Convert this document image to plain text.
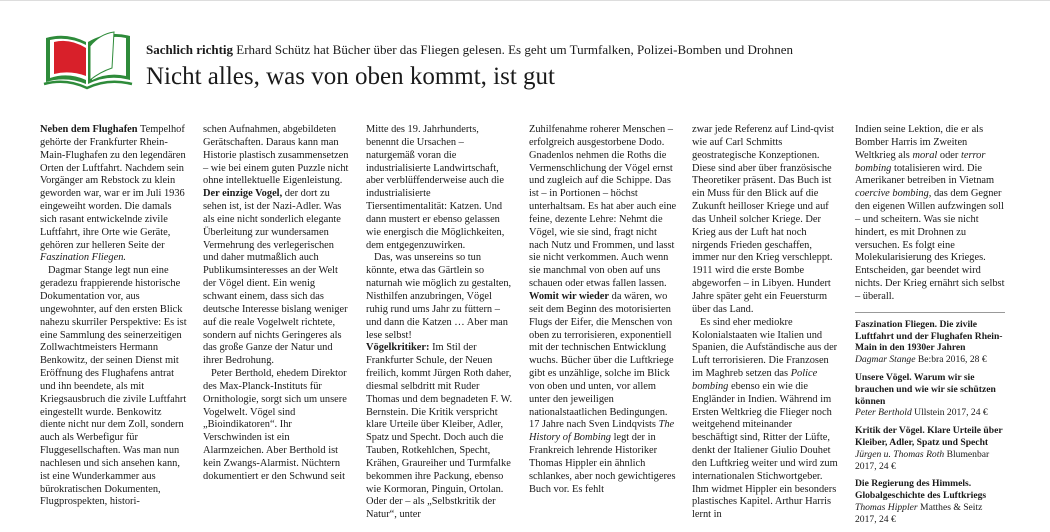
Sachlich richtig Erhard Schütz hat Bücher über das Fliegen gelesen. Es geht um Turmfalken, Polizei-Bomben und Drohnen
Nicht alles, was von oben kommt, ist gut

Neben dem Flughafen Tempelhof gehörte der Frankfurter Rhein-Main-Flughafen zu den legendären Orten der Luftfahrt. Nachdem sein Vorgänger am Rebstock zu klein geworden war, war er im Juli 1936 eingeweiht worden. Die damals sich rasant entwickelnde zivile Luftfahrt, ihre Orte wie Geräte, gehören zur helleren Seite der Faszination Fliegen.

Dagmar Stange legt nun eine geradezu frappierende historische Dokumentation vor, aus ungewohnter, auf den ersten Blick nahezu skurriler Perspektive: Es ist eine Sammlung des seinerzeitigen Zollwachtmeisters Hermann Benkowitz, der seinen Dienst mit Eröffnung des Flughafens antrat und ihn beendete, als mit Kriegsausbruch die zivile Luftfahrt eingestellt wurde. Benkowitz diente nicht nur dem Zoll, sondern auch als Werbefigur für Fluggesellschaften. Was man nun nachlesen und sich ansehen kann, ist eine Wunderkammer aus bürokratischen Dokumenten, Flugprospekten, histori-

schen Aufnahmen, abgebildeten Gerätschaften. Daraus kann man Historie plastisch zusammensetzen – wie bei einem guten Puzzle nicht ohne intellektuelle Eigenleistung.

Der einzige Vogel, der dort zu sehen ist, ist der Nazi-Adler. Was als eine nicht sonderlich elegante Überleitung zur wundersamen Vermehrung des verlegerischen und daher mutmaßlich auch Publikumsinteresses an der Welt der Vögel dient. Ein wenig schwant einem, dass sich das deutsche Interesse bislang weniger auf die reale Vogelwelt richtete, sondern auf nichts Geringeres als das große Ganze der Natur und ihrer Bedrohung.

Peter Berthold, ehedem Direktor des Max-Planck-Instituts für Ornithologie, sorgt sich um unsere Vogelwelt. Vögel sind „Bioindikatoren“. Ihr Verschwinden ist ein Alarmzeichen. Aber Berthold ist kein Zwangs-Alarmist. Nüchtern dokumentiert er den Schwund seit

Mitte des 19. Jahrhunderts, benennt die Ursachen – naturgemäß voran die industrialisierte Landwirtschaft, aber verblüffenderweise auch die industrialisierte Tiersentimentalität: Katzen. Und dann mustert er ebenso gelassen wie energisch die Möglichkeiten, dem entgegenzuwirken.

Das, was unsereins so tun könnte, etwa das Gärtlein so naturnah wie möglich zu gestalten, Nisthilfen anzubringen, Vögel ruhig rund ums Jahr zu füttern – und dann die Katzen … Aber man lese selbst!

Vögelkritiker: Im Stil der Frankfurter Schule, der Neuen freilich, kommt Jürgen Roth daher, diesmal selbdritt mit Ruder Thomas und dem begnadeten F. W. Bernstein. Die Kritik verspricht klare Urteile über Kleiber, Adler, Spatz und Specht. Doch auch die Tauben, Rotkehlchen, Specht, Krähen, Graureiher und Turmfalke bekommen ihre Packung, ebenso wie Kormoran, Pinguin, Ortolan. Oder der – als „Selbstkritik der Natur“, unter

Zuhilfenahme roherer Menschen – erfolgreich ausgestorbene Dodo. Gnadenlos nehmen die Roths die Vermenschlichung der Vögel ernst und zugleich auf die Schippe. Das ist – in Portionen – höchst unterhaltsam. Es hat aber auch eine feine, dezente Lehre: Nehmt die Vögel, wie sie sind, fragt nicht nach Nutz und Frommen, und lasst sie nicht verkommen. Auch wenn sie manchmal von oben auf uns schauen oder etwas fallen lassen.

Womit wir wieder da wären, wo seit dem Beginn des motorisierten Flugs der Eifer, die Menschen von oben zu terrorisieren, exponentiell mit der technischen Entwicklung wuchs. Bücher über die Luftkriege gibt es unzählige, solche im Blick von oben und unten, vor allem unter den jeweiligen nationalstaatlichen Bedingungen. 17 Jahre nach Sven Lindqvists The History of Bombing legt der in Frankreich lehrende Historiker Thomas Hippler ein ähnlich schlankes, aber noch gewichtigeres Buch vor. Es fehlt

zwar jede Referenz auf Lind-qvist wie auf Carl Schmitts geostrategische Konzeptionen. Diese sind aber über französische Theoretiker präsent. Das Buch ist ein Muss für den Blick auf die Zukunft heilloser Kriege und auf das Unheil solcher Kriege. Der Krieg aus der Luft hat noch nirgends Frieden geschaffen, immer nur den Krieg verschleppt. 1911 wird die erste Bombe abgeworfen – in Libyen. Hundert Jahre später geht ein Feuersturm über das Land.

Es sind eher mediokre Kolonialstaaten wie Italien und Spanien, die Aufständische aus der Luft terrorisieren. Die Franzosen im Maghreb setzen das Police bombing ebenso ein wie die Engländer in Indien. Während im Ersten Weltkrieg die Flieger noch weitgehend miteinander beschäftigt sind, Ritter der Lüfte, denkt der Italiener Giulio Douhet den Luftkrieg weiter und wird zum internationalen Stichwortgeber. Ihm widmet Hippler ein besonders plastisches Kapitel. Arthur Harris lernt in

Indien seine Lektion, die er als Bomber Harris im Zweiten Weltkrieg als moral oder terror bombing totalisieren wird. Die Amerikaner betreiben in Vietnam coercive bombing, das dem Gegner den eigenen Willen aufzwingen soll – und scheitern. Was sie nicht hindert, es mit Drohnen zu versuchen. Es folgt eine Molekularisierung des Krieges. Entscheiden, gar beendet wird nichts. Der Krieg ernährt sich selbst – überall.

Faszination Fliegen. Die zivile Luftfahrt und der Flughafen Rhein-Main in den 1930er Jahren
Dagmar Stange Be:bra 2016, 28 €

Unsere Vögel. Warum wir sie brauchen und wie wir sie schützen können
Peter Berthold Ullstein 2017, 24 €

Kritik der Vögel. Klare Urteile über Kleiber, Adler, Spatz und Specht Jürgen u. Thomas Roth Blumenbar 2017, 24 €

Die Regierung des Himmels. Globalgeschichte des Luftkriegs Thomas Hippler Matthes & Seitz 2017, 24 €
